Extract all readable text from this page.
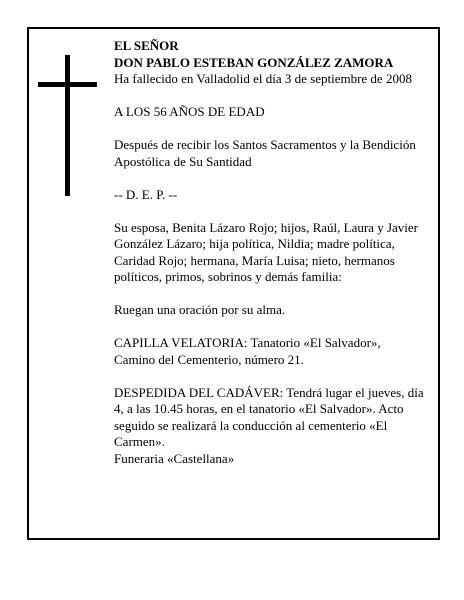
EL SEÑOR
DON PABLO ESTEBAN GONZÁLEZ ZAMORA

Ha fallecido en Valladolid el día 3 de septiembre de 2008

A LOS 56 AÑOS DE EDAD

Después de recibir los Santos Sacramentos y la Bendición Apostólica de Su Santidad

-- D. E. P. --

Su esposa, Benita Lázaro Rojo; hijos, Raúl, Laura y Javier González Lázaro; hija política, Nildia; madre política, Caridad Rojo; hermana, María Luisa; nieto, hermanos políticos, primos, sobrinos y demás familia:

Ruegan una oración por su alma.

CAPILLA VELATORIA: Tanatorio «El Salvador», Camino del Cementerio, número 21.

DESPEDIDA DEL CADÁVER: Tendrá lugar el jueves, día 4, a las 10.45 horas, en el tanatorio «El Salvador». Acto seguido se realizará la conducción al cementerio «El Carmen».

Funeraria «Castellana»
